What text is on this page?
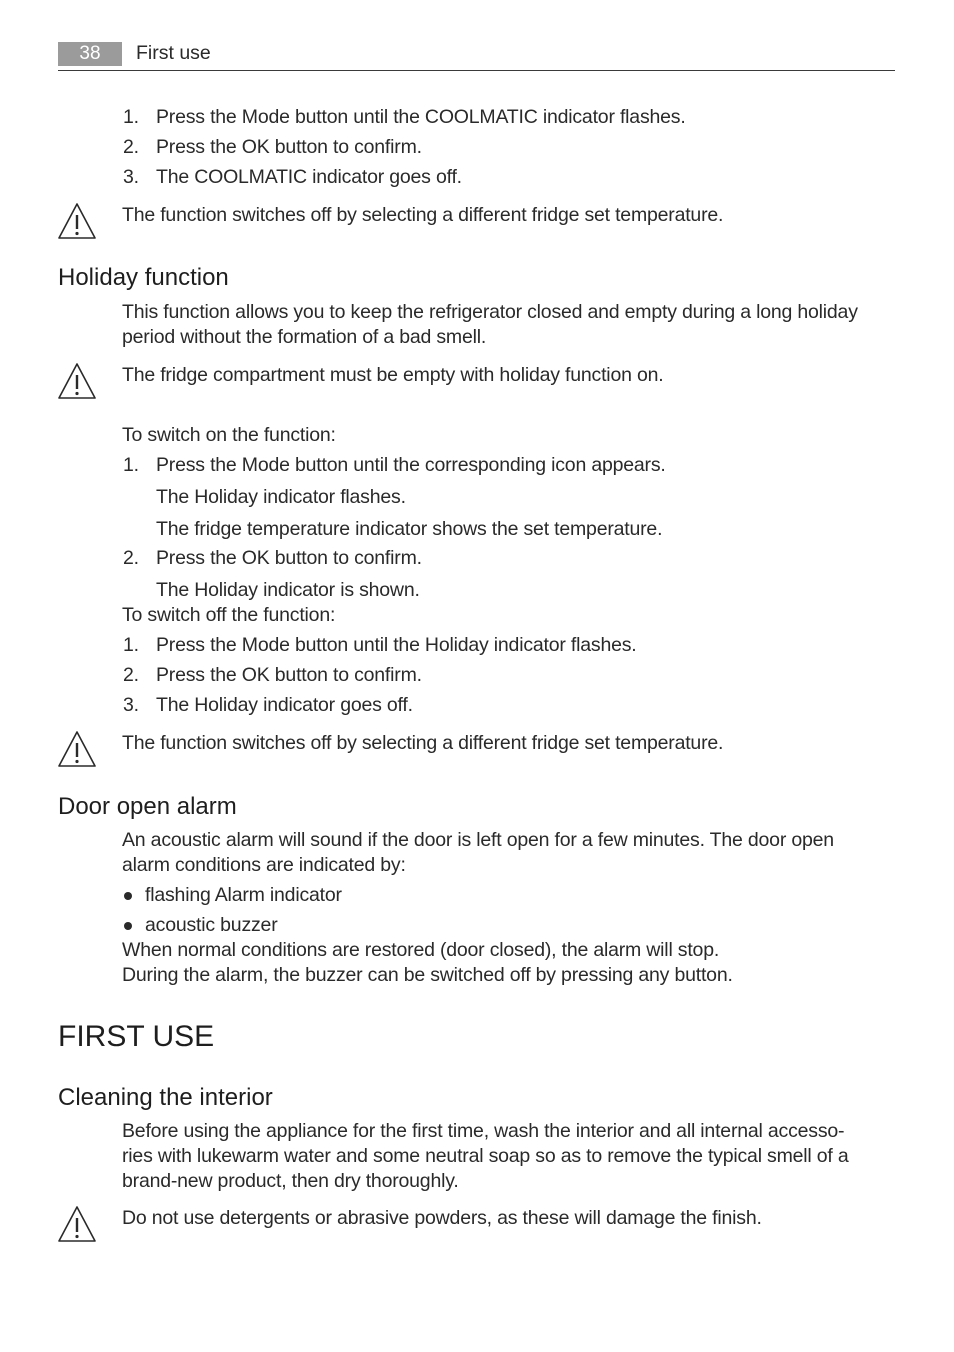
38	First use
1. Press the Mode button until the COOLMATIC indicator flashes.
2. Press the OK button to confirm.
3. The COOLMATIC indicator goes off.
The function switches off by selecting a different fridge set temperature.
Holiday function
This function allows you to keep the refrigerator closed and empty during a long holiday
period without the formation of a bad smell.
The fridge compartment must be empty with holiday function on.
To switch on the function:
1. Press the Mode button until the corresponding icon appears.
The Holiday indicator flashes.
The fridge temperature indicator shows the set temperature.
2. Press the OK button to confirm.
The Holiday indicator is shown.
To switch off the function:
1. Press the Mode button until the Holiday indicator flashes.
2. Press the OK button to confirm.
3. The Holiday indicator goes off.
The function switches off by selecting a different fridge set temperature.
Door open alarm
An acoustic alarm will sound if the door is left open for a few minutes. The door open
alarm conditions are indicated by:
flashing Alarm indicator
acoustic buzzer
When normal conditions are restored (door closed), the alarm will stop.
During the alarm, the buzzer can be switched off by pressing any button.
FIRST USE
Cleaning the interior
Before using the appliance for the first time, wash the interior and all internal accesso-
ries with lukewarm water and some neutral soap so as to remove the typical smell of a
brand-new product, then dry thoroughly.
Do not use detergents or abrasive powders, as these will damage the finish.
